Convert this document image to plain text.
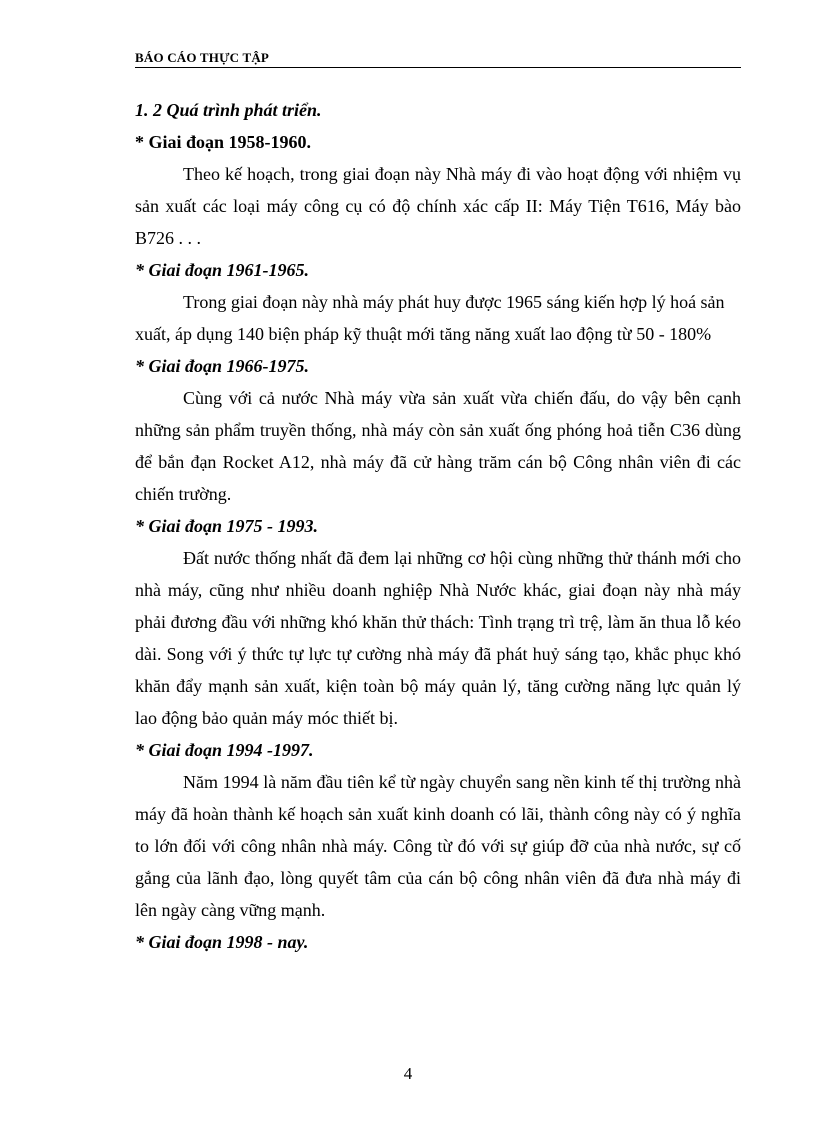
BÁO CÁO THỰC TẬP

1. 2 Quá trình phát triển.

* Giai đoạn 1958-1960.

Theo kế hoạch, trong giai đoạn này Nhà máy đi vào hoạt động với nhiệm vụ sản xuất các loại máy công cụ có độ chính xác cấp II: Máy Tiện T616, Máy bào B726 . . .

* Giai đoạn 1961-1965.

Trong giai đoạn này nhà máy phát huy được 1965 sáng kiến hợp lý hoá sản xuất, áp dụng 140 biện pháp kỹ thuật mới tăng năng xuất lao động từ 50 - 180%

* Giai đoạn 1966-1975.

Cùng với cả nước Nhà máy vừa sản xuất vừa chiến đấu, do vậy bên cạnh những sản phẩm truyền thống, nhà máy còn sản xuất ống phóng hoả tiễn C36 dùng để bắn đạn Rocket A12, nhà máy đã cử hàng trăm cán bộ Công nhân viên đi các chiến trường.

* Giai đoạn 1975 - 1993.

Đất nước thống nhất đã đem lại những cơ hội cùng những thử thánh mới cho nhà máy, cũng như nhiều doanh nghiệp Nhà Nước khác, giai đoạn này nhà máy phải đương đầu với những khó khăn thử thách: Tình trạng trì trệ, làm ăn thua lỗ kéo dài. Song với ý thức tự lực tự cường nhà máy đã phát huỷ sáng tạo, khắc phục khó khăn đẩy mạnh sản xuất, kiện toàn bộ máy quản lý, tăng cường năng lực quản lý lao động bảo quản máy móc thiết bị.

* Giai đoạn 1994 -1997.

Năm 1994 là năm đầu tiên kể từ ngày chuyển sang nền kinh tế thị trường nhà máy đã hoàn thành kế hoạch sản xuất kinh doanh có lãi, thành công này có ý nghĩa to lớn đối với công nhân nhà máy. Công từ đó với sự giúp đỡ của nhà nước, sự cố gắng của lãnh đạo, lòng quyết tâm của cán bộ công nhân viên đã đưa nhà máy đi lên ngày càng vững mạnh.

* Giai đoạn 1998 - nay.

4
